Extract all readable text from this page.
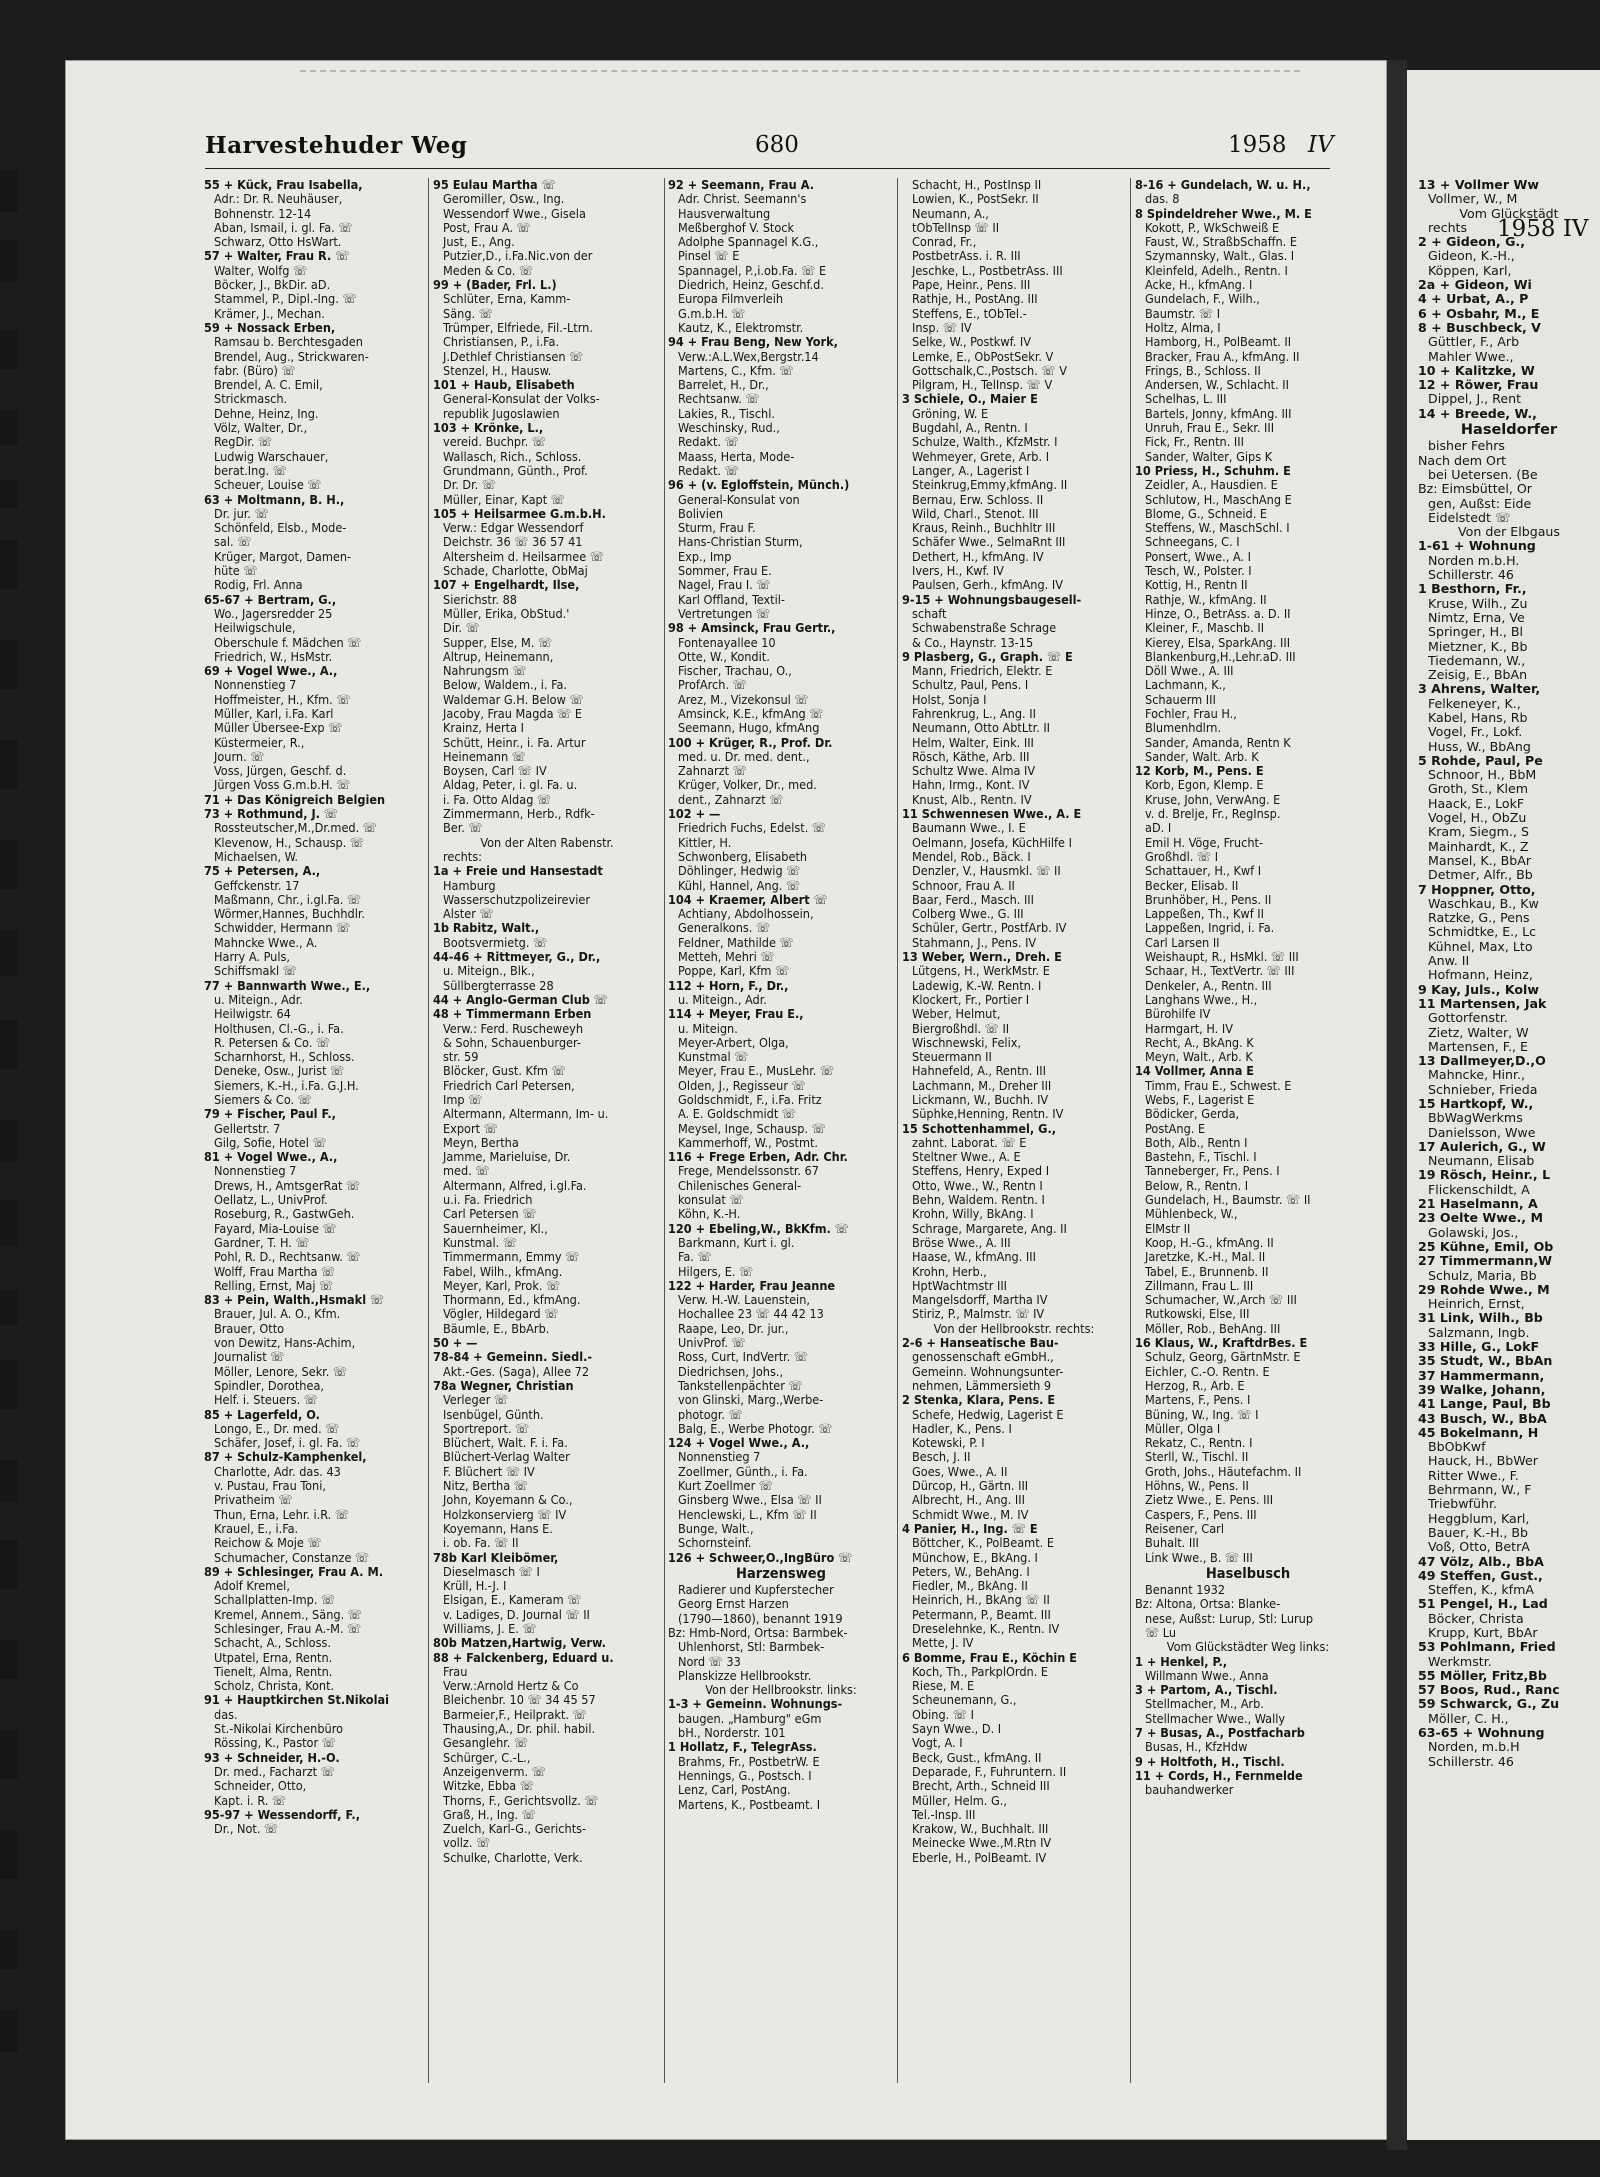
1958 IV
Harvestehuder Weg	680	1958 IV
55 + Kück, Frau Isabella,
Adr.: Dr. R. Neuhäuser,
Bohnenstr. 12-14
Aban, Ismail, i. gl. Fa. ☏
Schwarz, Otto HsWart.
57 + Walter, Frau R. ☏
Walter, Wolfg ☏
Böcker, J., BkDir. aD.
Stammel, P., Dipl.-Ing. ☏
Krämer, J., Mechan.
59 + Nossack Erben,
Ramsau b. Berchtesgaden
Brendel, Aug., Strickwaren-
fabr. (Büro) ☏
Brendel, A. C. Emil,
Strickmasch.
Dehne, Heinz, Ing.
Völz, Walter, Dr.,
RegDir. ☏
Ludwig Warschauer,
berat.Ing. ☏
Scheuer, Louise ☏
63 + Moltmann, B. H.,
Dr. jur. ☏
Schönfeld, Elsb., Mode-
sal. ☏
Krüger, Margot, Damen-
hüte ☏
Rodig, Frl. Anna
65-67 + Bertram, G.,
Wo., Jagersredder 25
Heilwigschule,
Oberschule f. Mädchen ☏
Friedrich, W., HsMstr.
69 + Vogel Wwe., A.,
Nonnenstieg 7
Hoffmeister, H., Kfm. ☏
Müller, Karl, i.Fa. Karl
Müller Übersee-Exp ☏
Küstermeier, R.,
Journ. ☏
Voss, Jürgen, Geschf. d.
Jürgen Voss G.m.b.H. ☏
71 + Das Königreich Belgien
73 + Rothmund, J. ☏
Rossteutscher,M.,Dr.med. ☏
Klevenow, H., Schausp. ☏
Michaelsen, W.
75 + Petersen, A.,
Geffckenstr. 17
Maßmann, Chr., i.gl.Fa. ☏
Wörmer,Hannes, Buchhdlr.
Schwidder, Hermann ☏
Mahncke Wwe., A.
Harry A. Puls,
Schiffsmakl ☏
77 + Bannwarth Wwe., E.,
u. Miteign., Adr.
Heilwigstr. 64
Holthusen, Cl.-G., i. Fa.
R. Petersen & Co. ☏
Scharnhorst, H., Schloss.
Deneke, Osw., Jurist ☏
Siemers, K.-H., i.Fa. G.J.H.
Siemers & Co. ☏
79 + Fischer, Paul F.,
Gellertstr. 7
Gilg, Sofie, Hotel ☏
81 + Vogel Wwe., A.,
Nonnenstieg 7
Drews, H., AmtsgerRat ☏
Oellatz, L., UnivProf.
Roseburg, R., GastwGeh.
Fayard, Mia-Louise ☏
Gardner, T. H. ☏
Pohl, R. D., Rechtsanw. ☏
Wolff, Frau Martha ☏
Relling, Ernst, Maj ☏
83 + Pein, Walth.,Hsmakl ☏
Brauer, Jul. A. O., Kfm.
Brauer, Otto
von Dewitz, Hans-Achim,
Journalist ☏
Möller, Lenore, Sekr. ☏
Spindler, Dorothea,
Helf. i. Steuers. ☏
85 + Lagerfeld, O.
Longo, E., Dr. med. ☏
Schäfer, Josef, i. gl. Fa. ☏
87 + Schulz-Kamphenkel,
Charlotte, Adr. das. 43
v. Pustau, Frau Toni,
Privatheim ☏
Thun, Erna, Lehr. i.R. ☏
Krauel, E., i.Fa.
Reichow & Moje ☏
Schumacher, Constanze ☏
89 + Schlesinger, Frau A. M.
Adolf Kremel,
Schallplatten-Imp. ☏
Kremel, Annem., Säng. ☏
Schlesinger, Frau A.-M. ☏
Schacht, A., Schloss.
Utpatel, Erna, Rentn.
Tienelt, Alma, Rentn.
Scholz, Christa, Kont.
91 + Hauptkirchen St.Nikolai
das.
St.-Nikolai Kirchenbüro
Rössing, K., Pastor ☏
93 + Schneider, H.-O.
Dr. med., Facharzt ☏
Schneider, Otto,
Kapt. i. R. ☏
95-97 + Wessendorff, F.,
Dr., Not. ☏
95 Eulau Martha ☏
Geromiller, Osw., Ing.
Wessendorf Wwe., Gisela
Post, Frau A. ☏
Just, E., Ang.
Putzier,D., i.Fa.Nic.von der
Meden & Co. ☏
99 + (Bader, Frl. L.)
Schlüter, Erna, Kamm-
Säng. ☏
Trümper, Elfriede, Fil.-Ltrn.
Christiansen, P., i.Fa.
J.Dethlef Christiansen ☏
Stenzel, H., Hausw.
101 + Haub, Elisabeth
General-Konsulat der Volks-
republik Jugoslawien
103 + Krönke, L.,
vereid. Buchpr. ☏
Wallasch, Rich., Schloss.
Grundmann, Günth., Prof.
Dr. Dr. ☏
Müller, Einar, Kapt ☏
105 + Heilsarmee G.m.b.H.
Verw.: Edgar Wessendorf
Deichstr. 36 ☏ 36 57 41
Altersheim d. Heilsarmee ☏
Schade, Charlotte, ObMaj
107 + Engelhardt, Ilse,
Sierichstr. 88
Müller, Erika, ObStud.'
Dir. ☏
Supper, Else, M. ☏
Altrup, Heinemann,
Nahrungsm ☏
Below, Waldem., i. Fa.
Waldemar G.H. Below ☏
Jacoby, Frau Magda ☏ E
Krainz, Herta I
Schütt, Heinr., i. Fa. Artur
Heinemann ☏
Boysen, Carl ☏ IV
Aldag, Peter, i. gl. Fa. u.
i. Fa. Otto Aldag ☏
Zimmermann, Herb., Rdfk-
Ber. ☏
Von der Alten Rabenstr.
rechts:
1a + Freie und Hansestadt
Hamburg
Wasserschutzpolizeirevier
Alster ☏
1b Rabitz, Walt.,
Bootsvermietg. ☏
44-46 + Rittmeyer, G., Dr.,
u. Miteign., Blk.,
Süllbergterrasse 28
44 + Anglo-German Club ☏
48 + Timmermann Erben
Verw.: Ferd. Ruscheweyh
& Sohn, Schauenburger-
str. 59
Blöcker, Gust. Kfm ☏
Friedrich Carl Petersen,
Imp ☏
Altermann, Altermann, Im- u.
Export ☏
Meyn, Bertha
Jamme, Marieluise, Dr.
med. ☏
Altermann, Alfred, i.gl.Fa.
u.i. Fa. Friedrich
Carl Petersen ☏
Sauernheimer, Kl.,
Kunstmal. ☏
Timmermann, Emmy ☏
Fabel, Wilh., kfmAng.
Meyer, Karl, Prok. ☏
Thormann, Ed., kfmAng.
Vögler, Hildegard ☏
Bäumle, E., BbArb.
50 + —
78-84 + Gemeinn. Siedl.-
Akt.-Ges. (Saga), Allee 72
78a Wegner, Christian
Verleger ☏
Isenbügel, Günth.
Sportreport. ☏
Blüchert, Walt. F. i. Fa.
Blüchert-Verlag Walter
F. Blüchert ☏ IV
Nitz, Bertha ☏
John, Koyemann & Co.,
Holzkonservierg ☏ IV
Koyemann, Hans E.
i. ob. Fa. ☏ II
78b Karl Kleibömer,
Dieselmasch ☏ I
Krüll, H.-J. I
Elsigan, E., Kameram ☏
v. Ladiges, D. Journal ☏ II
Williams, J. E. ☏
80b Matzen,Hartwig, Verw.
88 + Falckenberg, Eduard u.
Frau
Verw.:Arnold Hertz & Co
Bleichenbr. 10 ☏ 34 45 57
Barmeier,F., Heilprakt. ☏
Thausing,A., Dr. phil. habil.
Gesanglehr. ☏
Schürger, C.-L.,
Anzeigenverm. ☏
Witzke, Ebba ☏
Thorns, F., Gerichtsvollz. ☏
Graß, H., Ing. ☏
Zuelch, Karl-G., Gerichts-
vollz. ☏
Schulke, Charlotte, Verk.
92 + Seemann, Frau A.
Adr. Christ. Seemann's
Hausverwaltung
Meßberghof V. Stock
Adolphe Spannagel K.G.,
Pinsel ☏ E
Spannagel, P.,i.ob.Fa. ☏ E
Diedrich, Heinz, Geschf.d.
Europa Filmverleih
G.m.b.H. ☏
Kautz, K., Elektromstr.
94 + Frau Beng, New York,
Verw.:A.L.Wex,Bergstr.14
Martens, C., Kfm. ☏
Barrelet, H., Dr.,
Rechtsanw. ☏
Lakies, R., Tischl.
Weschinsky, Rud.,
Redakt. ☏
Maass, Herta, Mode-
Redakt. ☏
96 + (v. Egloffstein, Münch.)
General-Konsulat von
Bolivien
Sturm, Frau F.
Hans-Christian Sturm,
Exp., Imp
Sommer, Frau E.
Nagel, Frau I. ☏
Karl Offland, Textil-
Vertretungen ☏
98 + Amsinck, Frau Gertr.,
Fontenayallee 10
Otte, W., Kondit.
Fischer, Trachau, O.,
ProfArch. ☏
Arez, M., Vizekonsul ☏
Amsinck, K.E., kfmAng ☏
Seemann, Hugo, kfmAng
100 + Krüger, R., Prof. Dr.
med. u. Dr. med. dent.,
Zahnarzt ☏
Krüger, Volker, Dr., med.
dent., Zahnarzt ☏
102 + —
Friedrich Fuchs, Edelst. ☏
Kittler, H.
Schwonberg, Elisabeth
Döhlinger, Hedwig ☏
Kühl, Hannel, Ang. ☏
104 + Kraemer, Albert ☏
Achtiany, Abdolhossein,
Generalkons. ☏
Feldner, Mathilde ☏
Metteh, Mehri ☏
Poppe, Karl, Kfm ☏
112 + Horn, F., Dr.,
u. Miteign., Adr.
114 + Meyer, Frau E.,
u. Miteign.
Meyer-Arbert, Olga,
Kunstmal ☏
Meyer, Frau E., MusLehr. ☏
Olden, J., Regisseur ☏
Goldschmidt, F., i.Fa. Fritz
A. E. Goldschmidt ☏
Meysel, Inge, Schausp. ☏
Kammerhoff, W., Postmt.
116 + Frege Erben, Adr. Chr.
Frege, Mendelssonstr. 67
Chilenisches General-
konsulat ☏
Köhn, K.-H.
120 + Ebeling,W., BkKfm. ☏
Barkmann, Kurt i. gl.
Fa. ☏
Hilgers, E. ☏
122 + Harder, Frau Jeanne
Verw. H.-W. Lauenstein,
Hochallee 23 ☏ 44 42 13
Raape, Leo, Dr. jur.,
UnivProf. ☏
Ross, Curt, IndVertr. ☏
Diedrichsen, Johs.,
Tankstellenpächter ☏
von Glinski, Marg.,Werbe-
photogr. ☏
Balg, E., Werbe Photogr. ☏
124 + Vogel Wwe., A.,
Nonnenstieg 7
Zoellmer, Günth., i. Fa.
Kurt Zoellmer ☏
Ginsberg Wwe., Elsa ☏ II
Henclewski, L., Kfm ☏ II
Bunge, Walt.,
Schornsteinf.
126 + Schweer,O.,IngBüro ☏
Harzensweg
Radierer und Kupferstecher
Georg Ernst Harzen
(1790—1860), benannt 1919
Bz: Hmb-Nord, Ortsa: Barmbek-
Uhlenhorst, Stl: Barmbek-
Nord ☏ 33
Planskizze Hellbrookstr.
Von der Hellbrookstr. links:
1-3 + Gemeinn. Wohnungs-
baugen. „Hamburg" eGm
bH., Norderstr. 101
1 Hollatz, F., TelegrAss.
Brahms, Fr., PostbetrW. E
Hennings, G., Postsch. I
Lenz, Carl, PostAng.
Martens, K., Postbeamt. I
Schacht, H., PostInsp II
Lowien, K., PostSekr. II
Neumann, A.,
tObTelInsp ☏ II
Conrad, Fr.,
PostbetrAss. i. R. III
Jeschke, L., PostbetrAss. III
Pape, Heinr., Pens. III
Rathje, H., PostAng. III
Steffens, E., tObTel.-
Insp. ☏ IV
Selke, W., Postkwf. IV
Lemke, E., ObPostSekr. V
Gottschalk,C.,Postsch. ☏ V
Pilgram, H., TelInsp. ☏ V
3 Schiele, O., Maier E
Gröning, W. E
Bugdahl, A., Rentn. I
Schulze, Walth., KfzMstr. I
Wehmeyer, Grete, Arb. I
Langer, A., Lagerist I
Steinkrug,Emmy,kfmAng. II
Bernau, Erw. Schloss. II
Wild, Charl., Stenot. III
Kraus, Reinh., Buchhltr III
Schäfer Wwe., SelmaRnt III
Dethert, H., kfmAng. IV
Ivers, H., Kwf. IV
Paulsen, Gerh., kfmAng. IV
9-15 + Wohnungsbaugesell-
schaft
Schwabenstraße Schrage
& Co., Haynstr. 13-15
9 Plasberg, G., Graph. ☏ E
Mann, Friedrich, Elektr. E
Schultz, Paul, Pens. I
Holst, Sonja I
Fahrenkrug, L., Ang. II
Neumann, Otto AbtLtr. II
Helm, Walter, Eink. III
Rösch, Käthe, Arb. III
Schultz Wwe. Alma IV
Hahn, Irmg., Kont. IV
Knust, Alb., Rentn. IV
11 Schwennesen Wwe., A. E
Baumann Wwe., I. E
Oelmann, Josefa, KüchHilfe I
Mendel, Rob., Bäck. I
Denzler, V., Hausmkl. ☏ II
Schnoor, Frau A. II
Baar, Ferd., Masch. III
Colberg Wwe., G. III
Schüler, Gertr., PostfArb. IV
Stahmann, J., Pens. IV
13 Weber, Wern., Dreh. E
Lütgens, H., WerkMstr. E
Ladewig, K.-W. Rentn. I
Klockert, Fr., Portier I
Weber, Helmut,
Biergroßhdl. ☏ II
Wischnewski, Felix,
Steuermann II
Hahnefeld, A., Rentn. III
Lachmann, M., Dreher III
Lickmann, W., Buchh. IV
Süphke,Henning, Rentn. IV
15 Schottenhammel, G.,
zahnt. Laborat. ☏ E
Steltner Wwe., A. E
Steffens, Henry, Exped I
Otto, Wwe., W., Rentn I
Behn, Waldem. Rentn. I
Krohn, Willy, BkAng. I
Schrage, Margarete, Ang. II
Bröse Wwe., A. III
Haase, W., kfmAng. III
Krohn, Herb.,
HptWachtmstr III
Mangelsdorff, Martha IV
Stiriz, P., Malmstr. ☏ IV
Von der Hellbrookstr. rechts:
2-6 + Hanseatische Bau-
genossenschaft eGmbH.,
Gemeinn. Wohnungsunter-
nehmen, Lämmersieth 9
2 Stenka, Klara, Pens. E
Schefe, Hedwig, Lagerist E
Hadler, K., Pens. I
Kotewski, P. I
Besch, J. II
Goes, Wwe., A. II
Dürcop, H., Gärtn. III
Albrecht, H., Ang. III
Schmidt Wwe., M. IV
4 Panier, H., Ing. ☏ E
Böttcher, K., PolBeamt. E
Münchow, E., BkAng. I
Peters, W., BehAng. I
Fiedler, M., BkAng. II
Heinrich, H., BkAng ☏ II
Petermann, P., Beamt. III
Dreselehnke, K., Rentn. IV
Mette, J. IV
6 Bomme, Frau E., Köchin E
Koch, Th., ParkplOrdn. E
Riese, M. E
Scheunemann, G.,
Obing. ☏ I
Sayn Wwe., D. I
Vogt, A. I
Beck, Gust., kfmAng. II
Deparade, F., Fuhruntern. II
Brecht, Arth., Schneid III
Müller, Helm. G.,
Tel.-Insp. III
Krakow, W., Buchhalt. III
Meinecke Wwe.,M.Rtn IV
Eberle, H., PolBeamt. IV
8-16 + Gundelach, W. u. H.,
das. 8
8 Spindeldreher Wwe., M. E
Kokott, P., WkSchweiß E
Faust, W., StraßbSchaffn. E
Szymannsky, Walt., Glas. I
Kleinfeld, Adelh., Rentn. I
Acke, H., kfmAng. I
Gundelach, F., Wilh.,
Baumstr. ☏ I
Holtz, Alma, I
Hamborg, H., PolBeamt. II
Bracker, Frau A., kfmAng. II
Frings, B., Schloss. II
Andersen, W., Schlacht. II
Schelhas, L. III
Bartels, Jonny, kfmAng. III
Unruh, Frau E., Sekr. III
Fick, Fr., Rentn. III
Sander, Walter, Gips K
10 Priess, H., Schuhm. E
Zeidler, A., Hausdien. E
Schlutow, H., MaschAng E
Blome, G., Schneid. E
Steffens, W., MaschSchl. I
Schneegans, C. I
Ponsert, Wwe., A. I
Tesch, W., Polster. I
Kottig, H., Rentn II
Rathje, W., kfmAng. II
Hinze, O., BetrAss. a. D. II
Kleiner, F., Maschb. II
Kierey, Elsa, SparkAng. III
Blankenburg,H.,Lehr.aD. III
Döll Wwe., A. III
Lachmann, K.,
Schauerm III
Fochler, Frau H.,
Blumenhdlrn.
Sander, Amanda, Rentn K
Sander, Walt. Arb. K
12 Korb, M., Pens. E
Korb, Egon, Klemp. E
Kruse, John, VerwAng. E
v. d. Brelje, Fr., RegInsp.
aD. I
Emil H. Vöge, Frucht-
Großhdl. ☏ I
Schattauer, H., Kwf I
Becker, Elisab. II
Brunhöber, H., Pens. II
Lappeßen, Th., Kwf II
Lappeßen, Ingrid, i. Fa.
Carl Larsen II
Weishaupt, R., HsMkl. ☏ III
Schaar, H., TextVertr. ☏ III
Denkeler, A., Rentn. III
Langhans Wwe., H.,
Bürohilfe IV
Harmgart, H. IV
Recht, A., BkAng. K
Meyn, Walt., Arb. K
14 Vollmer, Anna E
Timm, Frau E., Schwest. E
Webs, F., Lagerist E
Bödicker, Gerda,
PostAng. E
Both, Alb., Rentn I
Bastehn, F., Tischl. I
Tanneberger, Fr., Pens. I
Below, R., Rentn. I
Gundelach, H., Baumstr. ☏ II
Mühlenbeck, W.,
ElMstr II
Koop, H.-G., kfmAng. II
Jaretzke, K.-H., Mal. II
Tabel, E., Brunnenb. II
Zillmann, Frau L. III
Schumacher, W.,Arch ☏ III
Rutkowski, Else, III
Möller, Rob., BehAng. III
16 Klaus, W., KraftdrBes. E
Schulz, Georg, GärtnMstr. E
Eichler, C.-O. Rentn. E
Herzog, R., Arb. E
Martens, F., Pens. I
Büning, W., Ing. ☏ I
Müller, Olga I
Rekatz, C., Rentn. I
Sterll, W., Tischl. II
Groth, Johs., Häutefachm. II
Höhns, W., Pens. II
Zietz Wwe., E. Pens. III
Caspers, F., Pens. III
Reisener, Carl
Buhalt. III
Link Wwe., B. ☏ III
Haselbusch
Benannt 1932
Bz: Altona, Ortsa: Blanke-
nese, Außst: Lurup, Stl: Lurup
☏ Lu
Vom Glückstädter Weg links:
1 + Henkel, P.,
Willmann Wwe., Anna
3 + Partom, A., Tischl.
Stellmacher, M., Arb.
Stellmacher Wwe., Wally
7 + Busas, A., Postfacharb
Busas, H., KfzHdw
9 + Holtfoth, H., Tischl.
11 + Cords, H., Fernmelde
bauhandwerker
13 + Vollmer Ww
Vollmer, W., M
Vom Glückstädt
rechts
2 + Gideon, G.,
Gideon, K.-H.,
Köppen, Karl,
2a + Gideon, Wi
4 + Urbat, A., P
6 + Osbahr, M., E
8 + Buschbeck, V
Güttler, F., Arb
Mahler Wwe.,
10 + Kalitzke, W
12 + Röwer, Frau
Dippel, J., Rent
14 + Breede, W.,
Haseldorfer
bisher Fehrs
Nach dem Ort
bei Uetersen. (Be
Bz: Eimsbüttel, Or
gen, Außst: Eide
Eidelstedt ☏
Von der Elbgaus
1-61 + Wohnung
Norden m.b.H.
Schillerstr. 46
1 Besthorn, Fr.,
Kruse, Wilh., Zu
Nimtz, Erna, Ve
Springer, H., Bl
Mietzner, K., Bb
Tiedemann, W.,
Zeisig, E., BbAn
3 Ahrens, Walter,
Felkeneyer, K.,
Kabel, Hans, Rb
Vogel, Fr., Lokf.
Huss, W., BbAng
5 Rohde, Paul, Pe
Schnoor, H., BbM
Groth, St., Klem
Haack, E., LokF
Vogel, H., ObZu
Kram, Siegm., S
Mainhardt, K., Z
Mansel, K., BbAr
Detmer, Alfr., Bb
7 Hoppner, Otto,
Waschkau, B., Kw
Ratzke, G., Pens
Schmidtke, E., Lc
Kühnel, Max, Lto
Anw. II
Hofmann, Heinz,
9 Kay, Juls., Kolw
11 Martensen, Jak
Gottorfenstr.
Zietz, Walter, W
Martensen, F., E
13 Dallmeyer,D.,O
Mahncke, Hinr.,
Schnieber, Frieda
15 Hartkopf, W.,
BbWagWerkms
Danielsson, Wwe
17 Aulerich, G., W
Neumann, Elisab
19 Rösch, Heinr., L
Flickenschildt, A
21 Haselmann, A
23 Oelte Wwe., M
Golawski, Jos.,
25 Kühne, Emil, Ob
27 Timmermann,W
Schulz, Maria, Bb
29 Rohde Wwe., M
Heinrich, Ernst,
31 Link, Wilh., Bb
Salzmann, Ingb.
33 Hille, G., LokF
35 Studt, W., BbAn
37 Hammermann,
39 Walke, Johann,
41 Lange, Paul, Bb
43 Busch, W., BbA
45 Bokelmann, H
BbObKwf
Hauck, H., BbWer
Ritter Wwe., F.
Behrmann, W., F
Triebwführ.
Heggblum, Karl,
Bauer, K.-H., Bb
Voß, Otto, BetrA
47 Völz, Alb., BbA
49 Steffen, Gust.,
Steffen, K., kfmA
51 Pengel, H., Lad
Böcker, Christa
Krupp, Kurt, BbAr
53 Pohlmann, Fried
Werkmstr.
55 Möller, Fritz,Bb
57 Boos, Rud., Ranc
59 Schwarck, G., Zu
Möller, C. H.,
63-65 + Wohnung
Norden, m.b.H
Schillerstr. 46
